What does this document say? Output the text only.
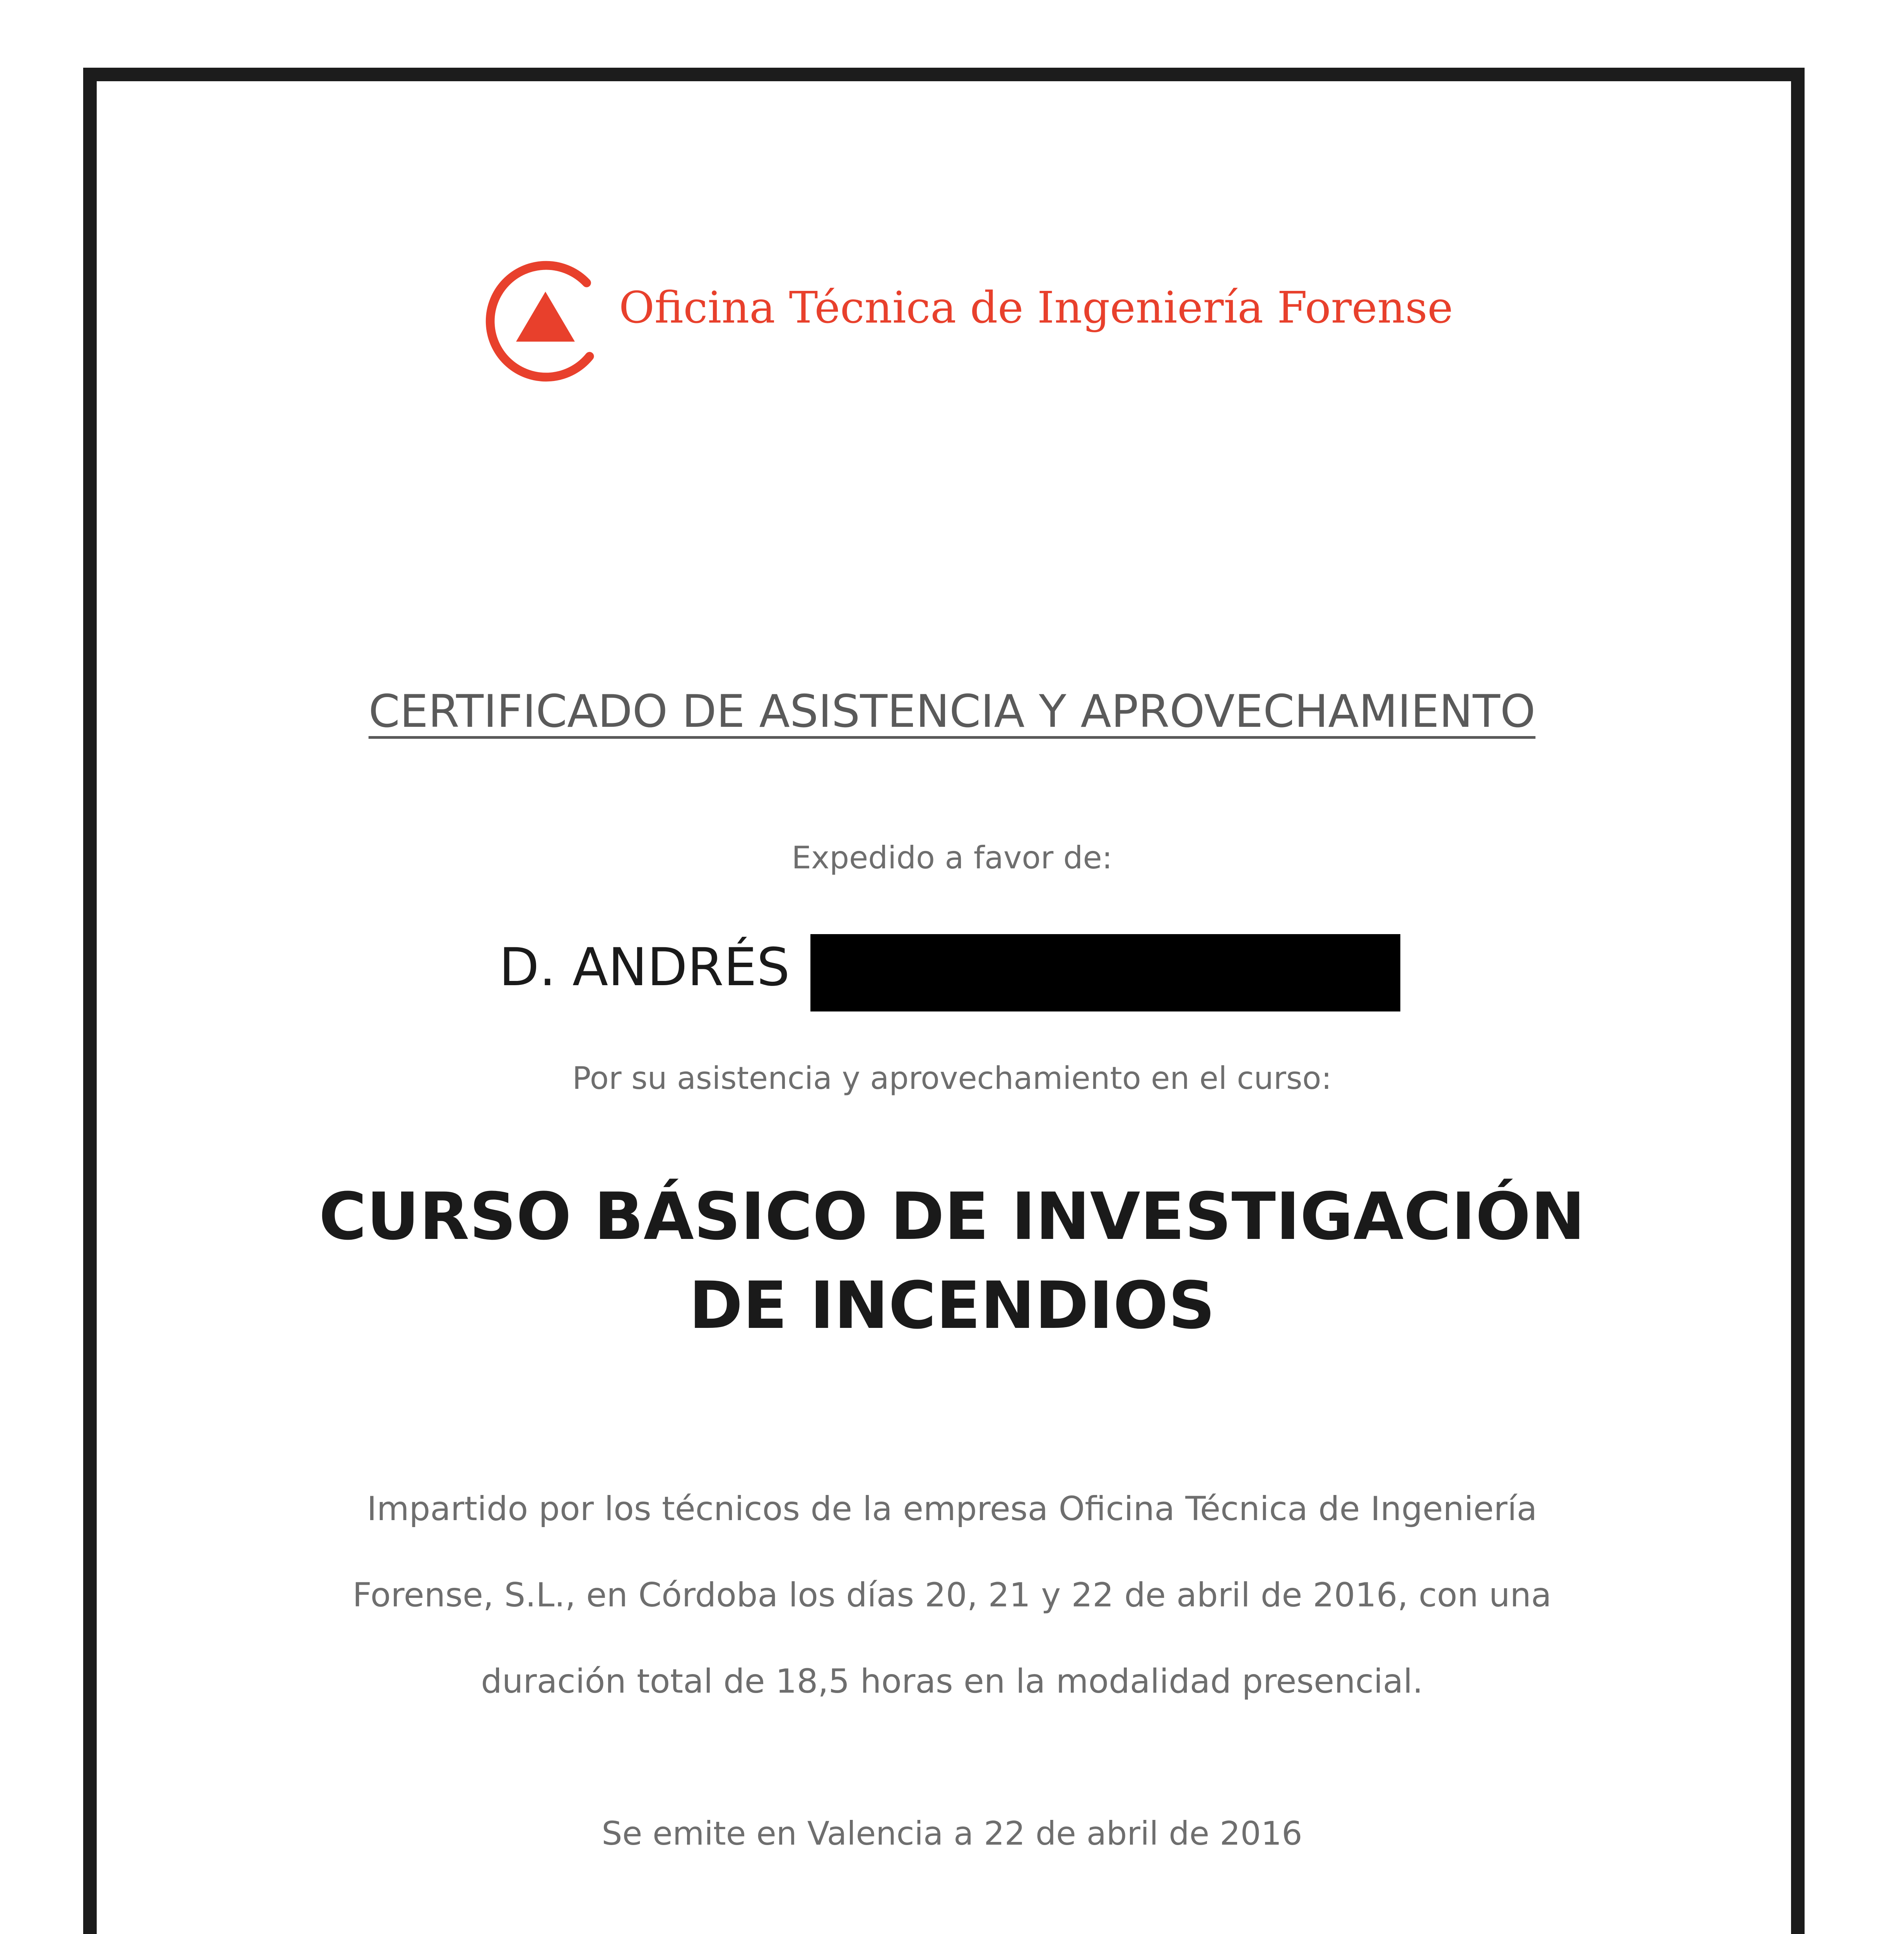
Oficina Técnica de Ingeniería Forense
CERTIFICADO DE ASISTENCIA Y APROVECHAMIENTO
Expedido a favor de:
D. ANDRÉS
Por su asistencia y aprovechamiento en el curso:
CURSO BÁSICO DE INVESTIGACIÓN
DE INCENDIOS
Impartido por los técnicos de la empresa Oficina Técnica de Ingeniería
Forense, S.L., en Córdoba los días 20, 21 y 22 de abril de 2016, con una
duración total de 18,5 horas en la modalidad presencial.
Se emite en Valencia a 22 de abril de 2016
